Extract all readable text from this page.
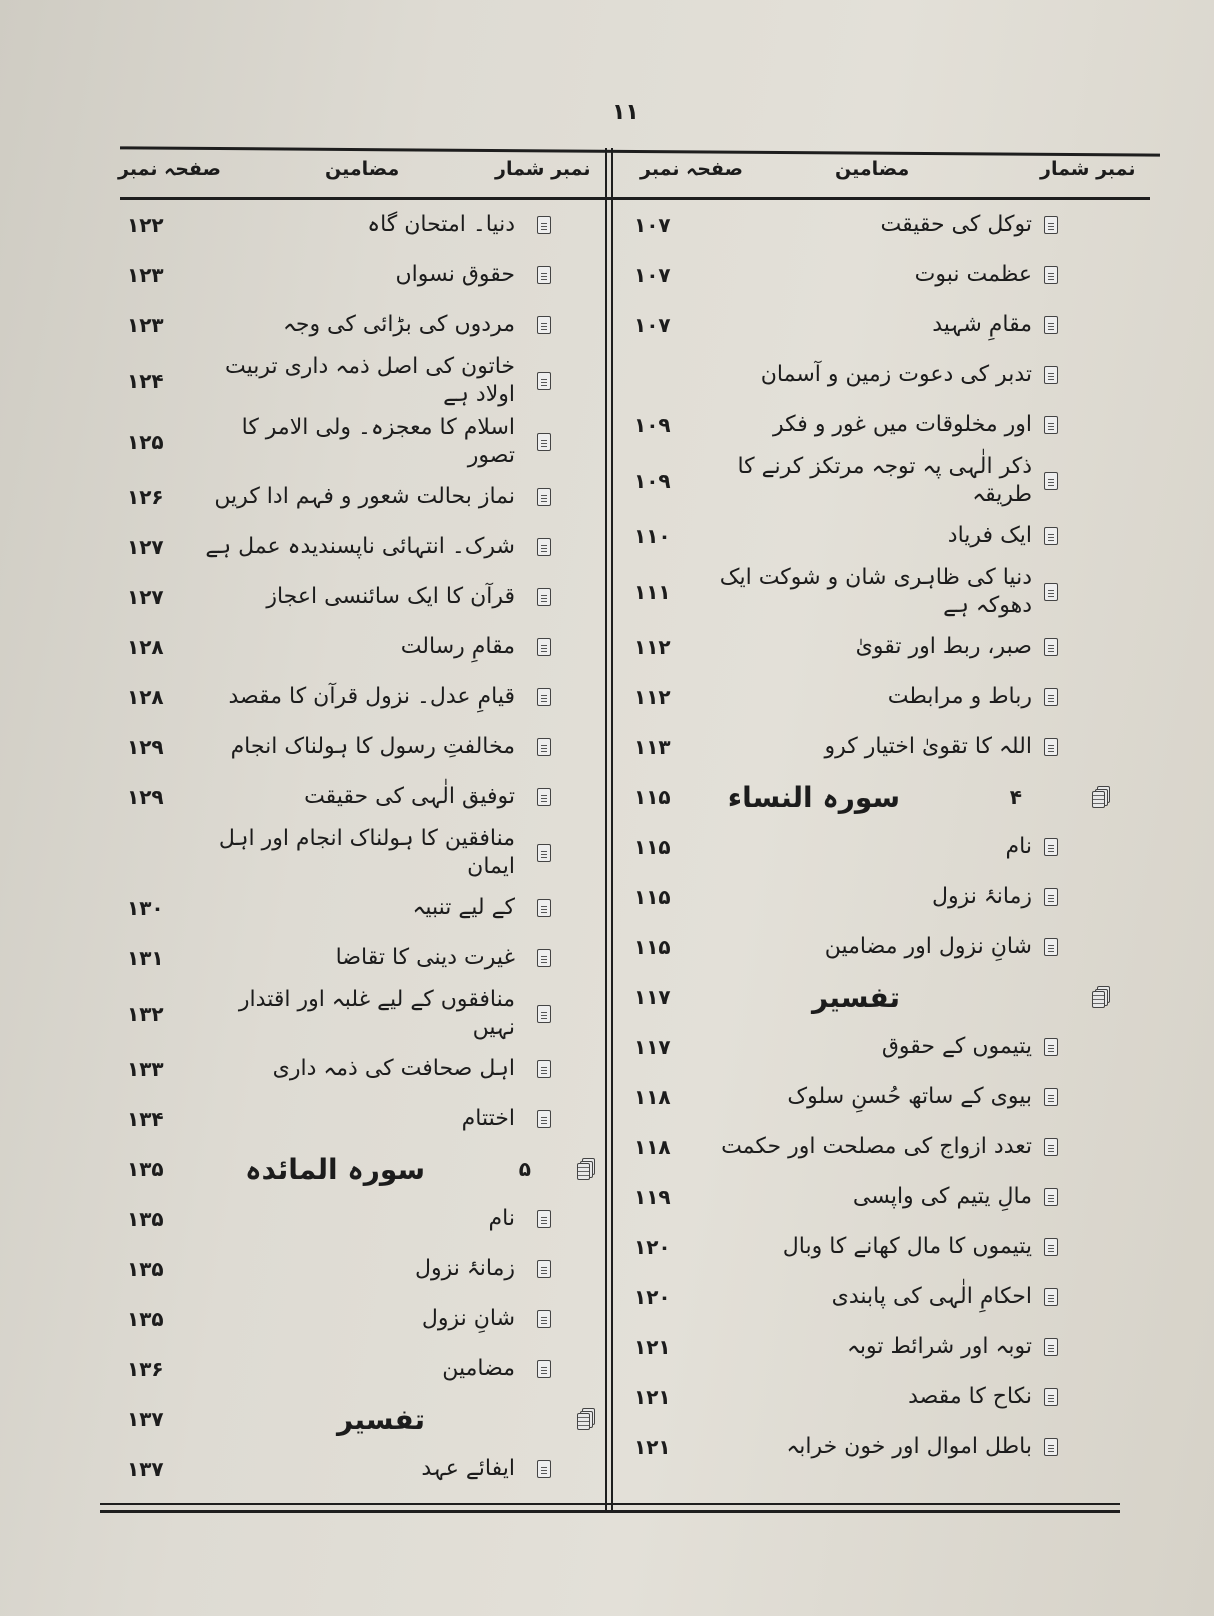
۱۱
نمبر شمار
مضامین
صفحہ نمبر
نمبر شمار
مضامین
صفحہ نمبر
توکل کی حقیقت
۱۰۷
عظمت نبوت
۱۰۷
مقامِ شہید
۱۰۷
تدبر کی دعوت زمین و آسمان
اور مخلوقات میں غور و فکر
۱۰۹
ذکر الٰہی پہ توجہ مرتکز کرنے کا طریقہ
۱۰۹
ایک فریاد
۱۱۰
دنیا کی ظاہری شان و شوکت ایک دھوکہ ہے
۱۱۱
صبر، ربط اور تقویٰ
۱۱۲
رباط و مرابطت
۱۱۲
اللہ کا تقویٰ اختیار کرو
۱۱۳
۴
سورہ النساء
۱۱۵
نام
۱۱۵
زمانۂ نزول
۱۱۵
شانِ نزول اور مضامین
۱۱۵
تفسیر
۱۱۷
یتیموں کے حقوق
۱۱۷
بیوی کے ساتھ حُسنِ سلوک
۱۱۸
تعدد ازواج کی مصلحت اور حکمت
۱۱۸
مالِ یتیم کی واپسی
۱۱۹
یتیموں کا مال کھانے کا وبال
۱۲۰
احکامِ الٰہی کی پابندی
۱۲۰
توبہ اور شرائط توبہ
۱۲۱
نکاح کا مقصد
۱۲۱
باطل اموال اور خون خرابہ
۱۲۱
دنیا۔ امتحان گاہ
۱۲۲
حقوق نسواں
۱۲۳
مردوں کی بڑائی کی وجہ
۱۲۳
خاتون کی اصل ذمہ داری تربیت اولاد ہے
۱۲۴
اسلام کا معجزہ۔ ولی الامر کا تصور
۱۲۵
نماز بحالت شعور و فہم ادا کریں
۱۲۶
شرک۔ انتہائی ناپسندیدہ عمل ہے
۱۲۷
قرآن کا ایک سائنسی اعجاز
۱۲۷
مقامِ رسالت
۱۲۸
قیامِ عدل۔ نزول قرآن کا مقصد
۱۲۸
مخالفتِ رسول کا ہولناک انجام
۱۲۹
توفیق الٰہی کی حقیقت
۱۲۹
منافقین کا ہولناک انجام اور اہل ایمان
کے لیے تنبیہ
۱۳۰
غیرت دینی کا تقاضا
۱۳۱
منافقوں کے لیے غلبہ اور اقتدار نہیں
۱۳۲
اہل صحافت کی ذمہ داری
۱۳۳
اختتام
۱۳۴
۵
سورہ المائدہ
۱۳۵
نام
۱۳۵
زمانۂ نزول
۱۳۵
شانِ نزول
۱۳۵
مضامین
۱۳۶
تفسیر
۱۳۷
ایفائے عہد
۱۳۷
